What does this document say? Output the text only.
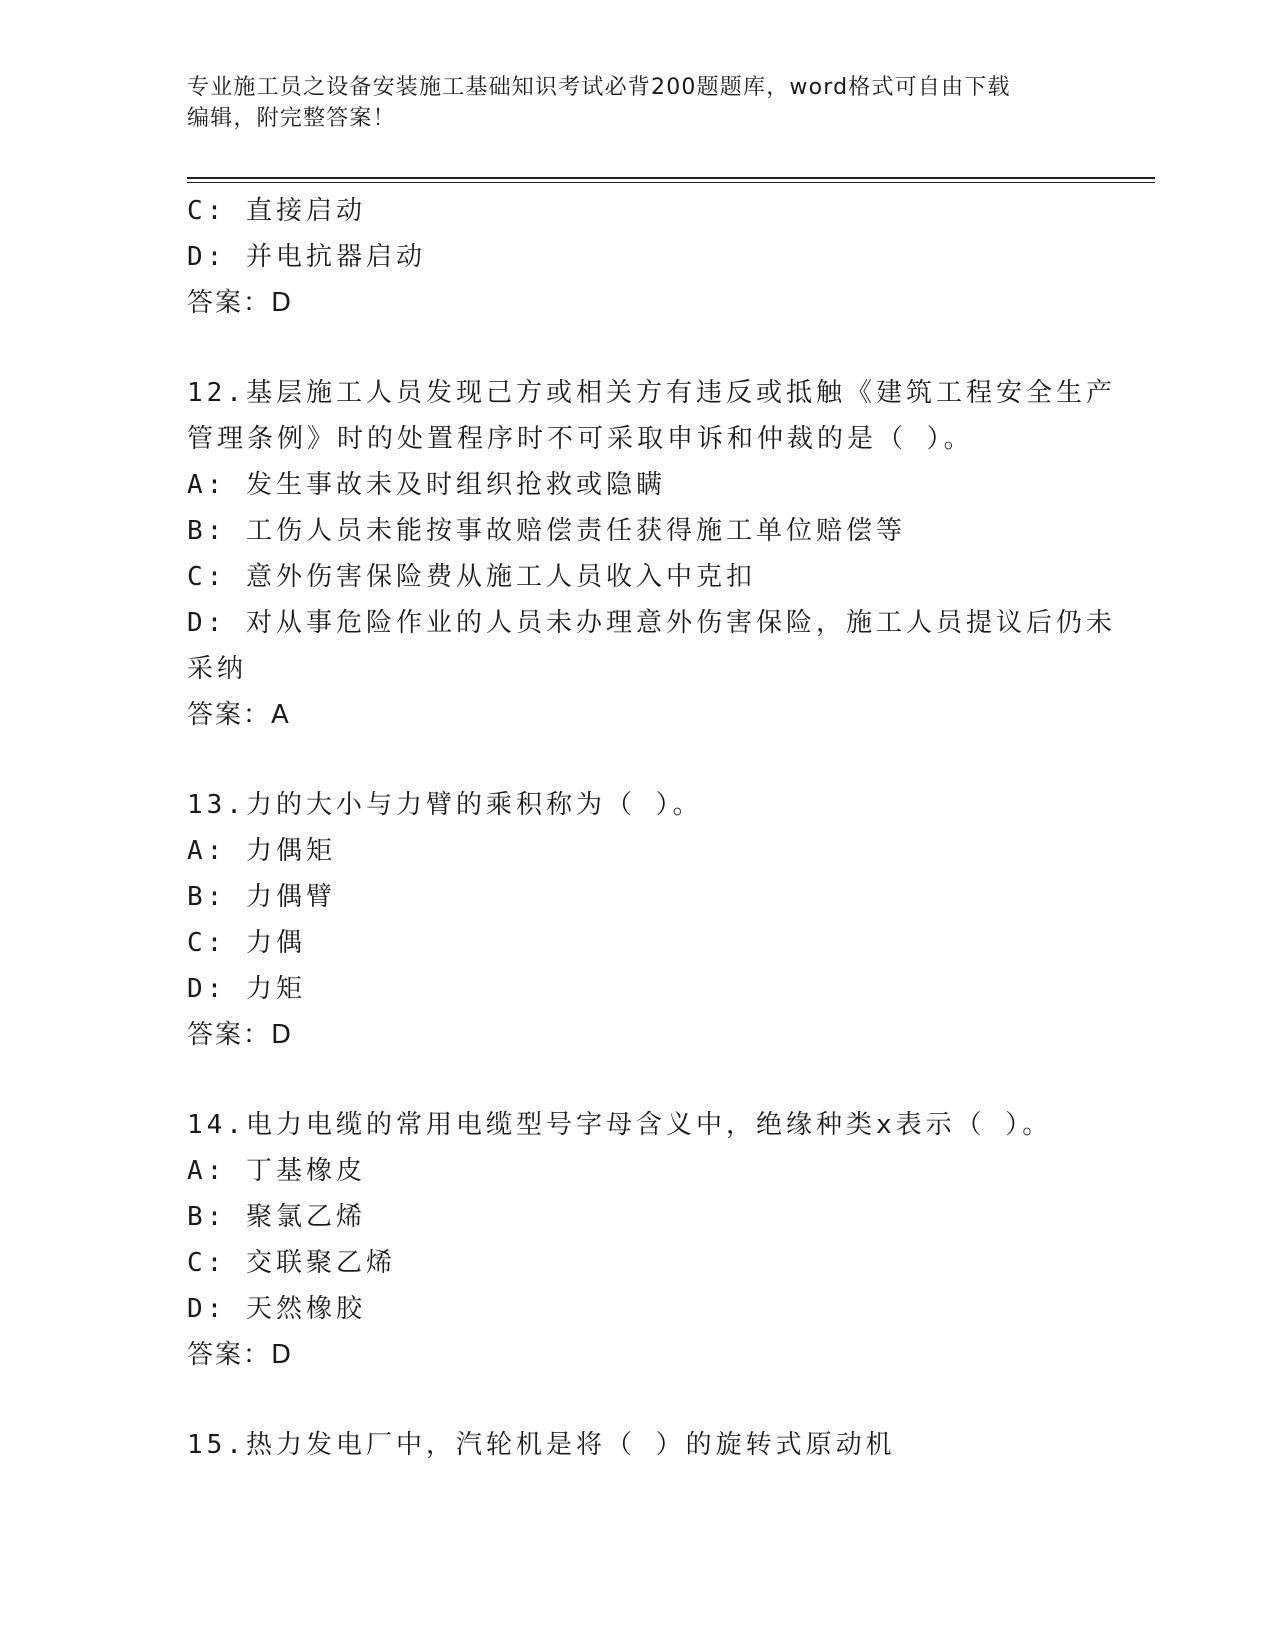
专业施工员之设备安装施工基础知识考试必背200题题库，word格式可自由下载
编辑，附完整答案！
C: 直接启动
D: 并电抗器启动
答案：D
12.基层施工人员发现己方或相关方有违反或抵触《建筑工程安全生产
管理条例》时的处置程序时不可采取申诉和仲裁的是（ ）。
A: 发生事故未及时组织抢救或隐瞒
B: 工伤人员未能按事故赔偿责任获得施工单位赔偿等
C: 意外伤害保险费从施工人员收入中克扣
D: 对从事危险作业的人员未办理意外伤害保险，施工人员提议后仍未
采纳
答案：A
13.力的大小与力臂的乘积称为（ ）。
A: 力偶矩
B: 力偶臂
C: 力偶
D: 力矩
答案：D
14.电力电缆的常用电缆型号字母含义中，绝缘种类x表示（ ）。
A: 丁基橡皮
B: 聚氯乙烯
C: 交联聚乙烯
D: 天然橡胶
答案：D
15.热力发电厂中，汽轮机是将（ ）的旋转式原动机
